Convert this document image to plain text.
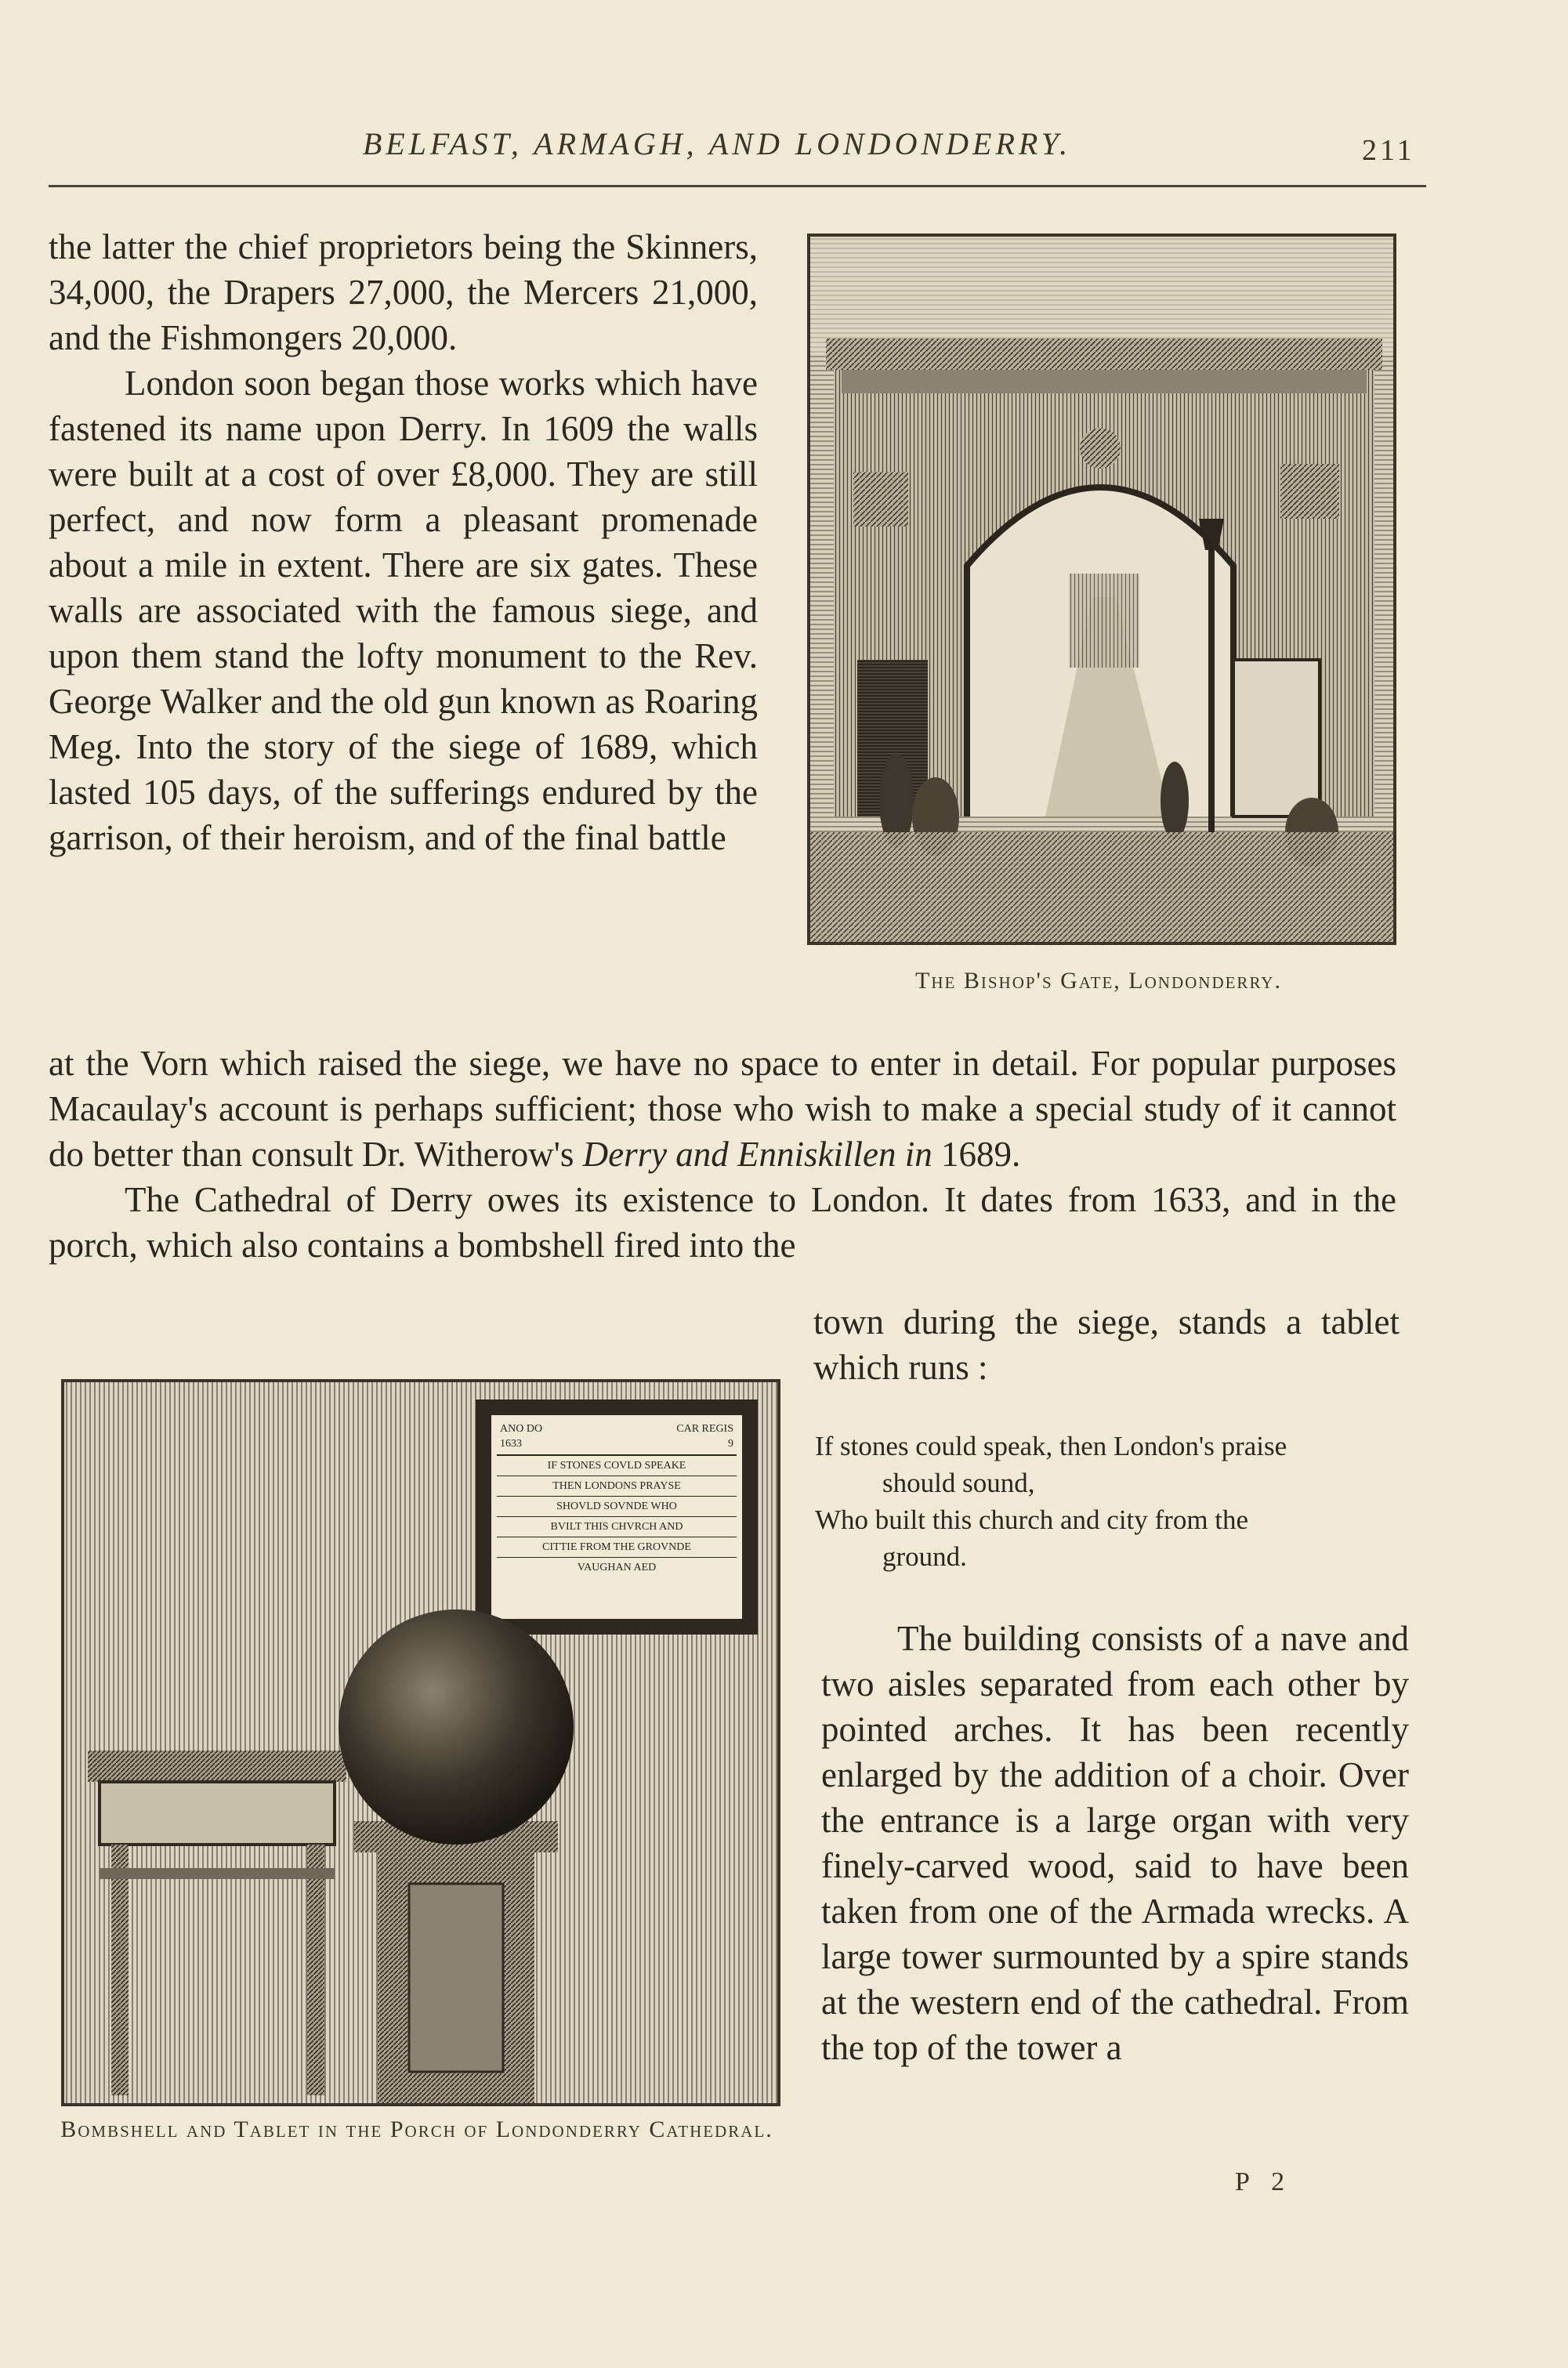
BELFAST, ARMAGH, AND LONDONDERRY.	211

the latter the chief proprietors being the Skinners, 34,000, the Drapers 27,000, the Mercers 21,000, and the Fishmongers 20,000.

London soon began those works which have fastened its name upon Derry. In 1609 the walls were built at a cost of over £8,000. They are still perfect, and now form a pleasant promenade about a mile in extent. There are six gates. These walls are associated with the famous siege, and upon them stand the lofty monument to the Rev. George Walker and the old gun known as Roaring Meg. Into the story of the siege of 1689, which lasted 105 days, of the sufferings endured by the garrison, of their heroism, and of the final battle

The Bishop's Gate, Londonderry.

at the Vorn which raised the siege, we have no space to enter in detail. For popular purposes Macaulay's account is perhaps sufficient; those who wish to make a special study of it cannot do better than consult Dr. Witherow's Derry and Enniskillen in 1689.

The Cathedral of Derry owes its existence to London. It dates from 1633, and in the porch, which also contains a bombshell fired into the

town during the siege, stands a tablet which runs :

If stones could speak, then London's praise

should sound,

Who built this church and city from the

ground.

The building consists of a nave and two aisles separated from each other by pointed arches. It has been recently enlarged by the addition of a choir. Over the entrance is a large organ with very finely-carved wood, said to have been taken from one of the Armada wrecks. A large tower surmounted by a spire stands at the western end of the cathedral. From the top of the tower a
ANO DO
1633
CAR REGIS
9
IF STONES COVLD SPEAKE
THEN LONDONS PRAYSE
SHOVLD SOVNDE WHO
BVILT THIS CHVRCH AND
CITTIE FROM THE GROVNDE
VAUGHAN AED
Bombshell and Tablet in the Porch of Londonderry Cathedral.
P 2
